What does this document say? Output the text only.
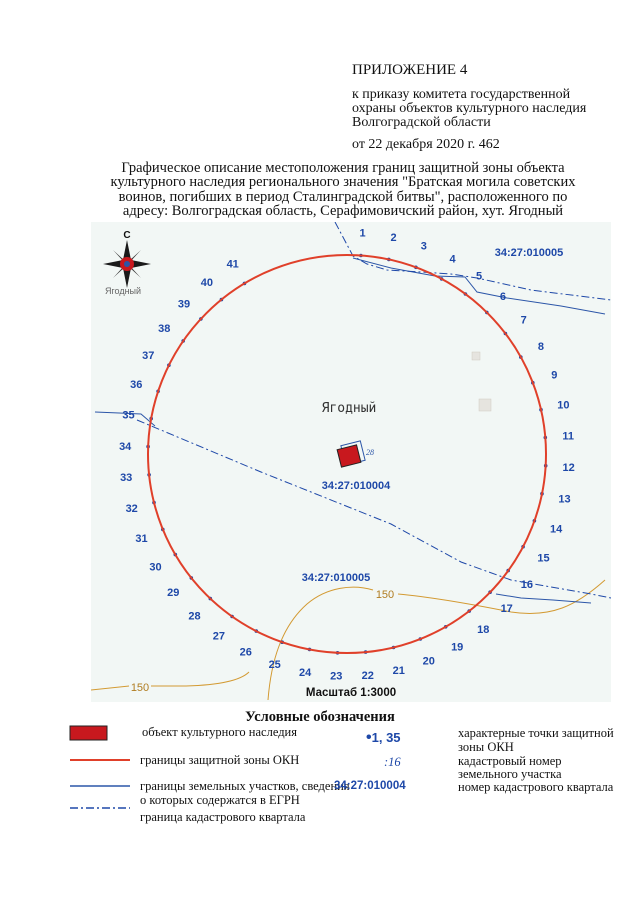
ПРИЛОЖЕНИЕ 4
к приказу комитета государственной
охраны объектов культурного наследия
Волгоградской области
от 22 декабря 2020 г. 462
Графическое описание местоположения границ защитной зоны объекта
культурного наследия регионального значения "Братская могила советских
воинов, погибших в период Сталинградской битвы", расположенного по
адресу: Волгоградская область, Серафимовичский район, хут. Ягодный
150
150
1 2
3
4
5
6
7
8
9
10
11
12
13
14
15
16
17
18
19
20
21
22
23
24
25
26
27
28
29
30
31
32
33
34
35
36
37
38
39
40
41
28
Ягодный
34:27:010005
34:27:010004
34:27:010005
Масштаб 1:3000
С
Ягодный
Условные обозначения
объект культурного наследия
границы защитной зоны ОКН
границы земельных участков, сведения
о которых содержатся в ЕГРН
граница кадастрового квартала
•1, 35
:16
34:27:010004
характерные точки защитной
зоны ОКН
кадастровый номер
земельного участка
номер кадастрового квартала
